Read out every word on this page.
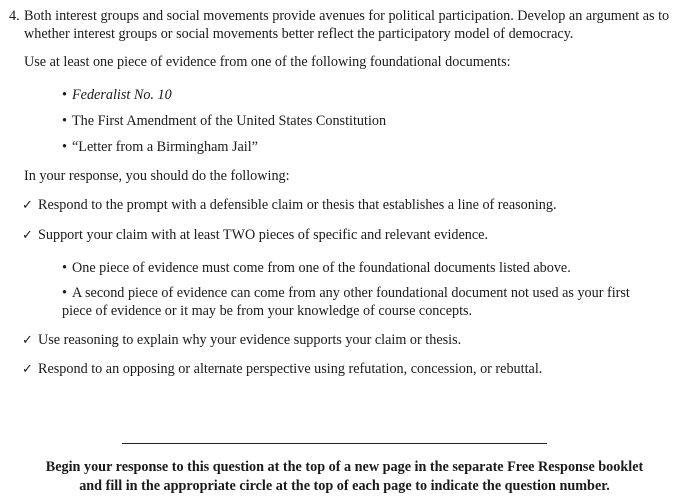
4. Both interest groups and social movements provide avenues for political participation. Develop an argument as to whether interest groups or social movements better reflect the participatory model of democracy.
Use at least one piece of evidence from one of the following foundational documents:
• Federalist No. 10
• The First Amendment of the United States Constitution
• “Letter from a Birmingham Jail”
In your response, you should do the following:
✓ Respond to the prompt with a defensible claim or thesis that establishes a line of reasoning.
✓ Support your claim with at least TWO pieces of specific and relevant evidence.
• One piece of evidence must come from one of the foundational documents listed above.
• A second piece of evidence can come from any other foundational document not used as your first piece of evidence or it may be from your knowledge of course concepts.
✓ Use reasoning to explain why your evidence supports your claim or thesis.
✓ Respond to an opposing or alternate perspective using refutation, concession, or rebuttal.
Begin your response to this question at the top of a new page in the separate Free Response booklet
and fill in the appropriate circle at the top of each page to indicate the question number.
